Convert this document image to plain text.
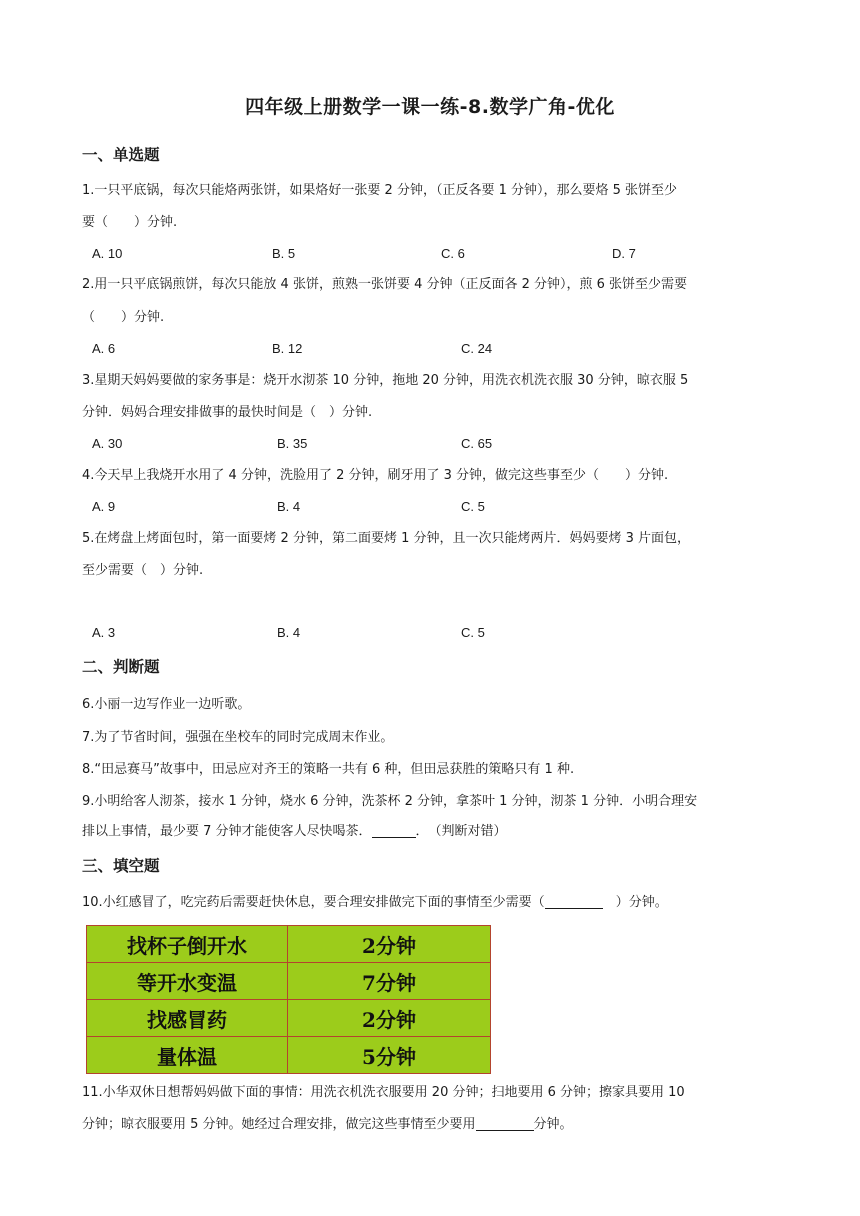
四年级上册数学一课一练-8.数学广角-优化
一、单选题
1.一只平底锅，每次只能烙两张饼，如果烙好一张要 2 分钟，（正反各要 1 分钟），那么要烙 5 张饼至少
要（　　）分钟.
A. 10	B. 5	C. 6	D. 7
2.用一只平底锅煎饼，每次只能放 4 张饼，煎熟一张饼要 4 分钟（正反面各 2 分钟），煎 6 张饼至少需要
（　　）分钟.
A. 6	B. 12	C. 24
3.星期天妈妈要做的家务事是：烧开水沏茶 10 分钟，拖地 20 分钟，用洗衣机洗衣服 30 分钟，晾衣服 5
分钟．妈妈合理安排做事的最快时间是（　）分钟.
A. 30	B. 35	C. 65
4.今天早上我烧开水用了 4 分钟，洗脸用了 2 分钟，刷牙用了 3 分钟，做完这些事至少（　　）分钟.
A. 9	B. 4	C. 5
5.在烤盘上烤面包时，第一面要烤 2 分钟，第二面要烤 1 分钟，且一次只能烤两片．妈妈要烤 3 片面包，
至少需要（　）分钟.
A. 3	B. 4	C. 5
二、判断题
6.小丽一边写作业一边听歌。
7.为了节省时间，强强在坐校车的同时完成周末作业。
8.“田忌赛马”故事中，田忌应对齐王的策略一共有 6 种，但田忌获胜的策略只有 1 种.
9.小明给客人沏茶，接水 1 分钟，烧水 6 分钟，洗茶杯 2 分钟，拿茶叶 1 分钟，沏茶 1 分钟．小明合理安
排以上事情，最少要 7 分钟才能使客人尽快喝茶．	．　（判断对错）
三、填空题
10.小红感冒了，吃完药后需要赶快休息，要合理安排做完下面的事情至少需要（	　）分钟。
找杯子倒开水	2分钟
等开水变温	7分钟
找感冒药	2分钟
量体温	5分钟
11.小华双休日想帮妈妈做下面的事情：用洗衣机洗衣服要用 20 分钟；扫地要用 6 分钟；擦家具要用 10
分钟；晾衣服要用 5 分钟。她经过合理安排，做完这些事情至少要用	分钟。
